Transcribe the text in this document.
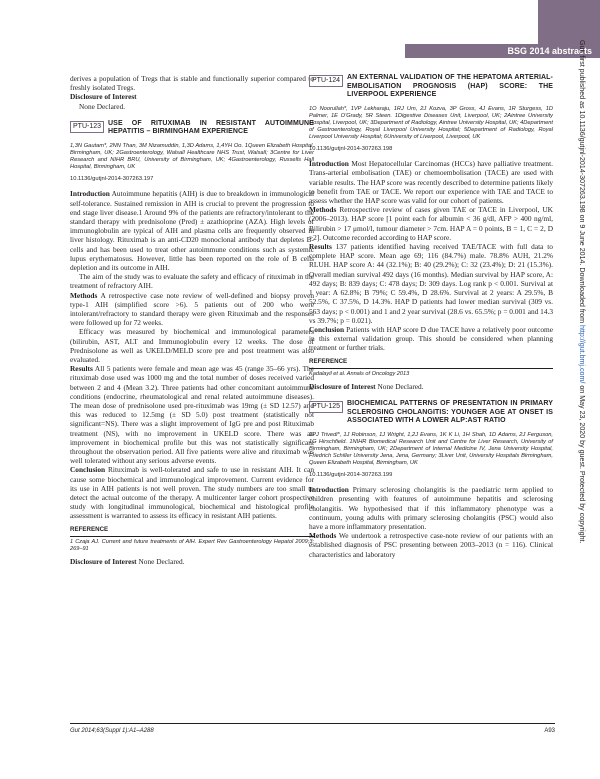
BSG 2014 abstracts

derives a population of Tregs that is stable and functionally superior compared to freshly isolated Tregs.

Disclosure of Interest

None Declared.

PTU-123	USE OF RITUXIMAB IN RESISTANT AUTOIMMUNE HEPATITIS – BIRMINGHAM EXPERIENCE

1,3N Gautam*, 2NN Than, 3M Nizamuddin, 1,3D Adams, 1,4YH Oo. 1Queen Elizabeth Hospital, Birmingham, UK; 2Gastroenterology, Walsall Healthcare NHS Trust, Walsall; 3Centre for Liver Research and NIHR BRU, University of Birmingham, UK; 4Gastroenterology, Russells Hall Hospital, Birmingham, UK

10.1136/gutjnl-2014-307263.197

Introduction Autoimmune hepatitis (AIH) is due to breakdown in immunological self-tolerance. Sustained remission in AIH is crucial to prevent the progression to end stage liver disease.1 Around 9% of the patients are refractory/intolerant to the standard therapy with prednisolone (Pred) ± azathioprine (AZA). High levels of immunoglobulin are typical of AIH and plasma cells are frequently observed in liver histology. Rituximab is an anti-CD20 monoclonal antibody that depletes B-cells and has been used to treat other autoimmune conditions such as systemic lupus erythematosus. However, little has been reported on the role of B cells depletion and its outcome in AIH.

The aim of the study was to evaluate the safety and efficacy of rituximab in the treatment of refractory AIH.

Methods A retrospective case note review of well-defined and biopsy proven type-1 AIH (simplified score >6). 5 patients out of 200 who were intolerant/refractory to standard therapy were given Rituximab and the responses were followed up for 72 weeks.

Efficacy was measured by biochemical and immunological parameters (bilirubin, AST, ALT and Immunoglobulin every 12 weeks. The dose of Prednisolone as well as UKELD/MELD score pre and post treatment was also evaluated.

Results All 5 patients were female and mean age was 45 (range 35–66 yrs). The rituximab dose used was 1000 mg and the total number of doses received varied between 2 and 4 (Mean 3.2). Three patients had other concomitant autoimmune conditions (endocrine, rheumatological and renal related autoimmune diseases). The mean dose of prednisolone used pre-rituximab was 19mg (± SD 12.57) and this was reduced to 12.5mg (± SD 5.0) post treatment (statistically not significant=NS). There was a slight improvement of IgG pre and post Rituximab treatment (NS), with no improvement in UKELD score. There was an improvement in biochemical profile but this was not statistically significant throughout the observation period. All five patients were alive and rituximab was well tolerated without any serious adverse events.

Conclusion Rituximab is well-tolerated and safe to use in resistant AIH. It can cause some biochemical and immunological improvement. Current evidence for its use in AIH patients is not well proven. The study numbers are too small to detect the actual outcome of the therapy. A multicenter larger cohort prospective study with longitudinal immunological, biochemical and histological profile assessment is warranted to assess its efficacy in resistant AIH patients.

REFERENCE

1 Czaja AJ. Current and future treatments of AIH. Expert Rev Gastroenterology Hepatol 2009;3: 269–91

Disclosure of Interest None Declared.

PTU-124	AN EXTERNAL VALIDATION OF THE HEPATOMA ARTERIAL-EMBOLISATION PROGNOSIS (HAP) SCORE: THE LIVERPOOL EXPERIENCE

1O Noorullah*, 1VP Lekharaju, 1RJ Um, 2J Kozva, 3P Gross, 4J Evans, 1R Sturgess, 1D Palmer, 1E O'Grady, 5R Steen. 1Digestive Diseases Unit, Liverpool, UK; 2Aintree University Hospital, Liverpool, UK; 3Department of Radiology, Aintree University Hospital, UK; 4Department of Gastroenterology, Royal Liverpool University Hospital; 5Department of Radiology, Royal Liverpool University Hospital; 6University of Liverpool, Liverpool, UK

10.1136/gutjnl-2014-307263.198

Introduction Most Hepatocellular Carcinomas (HCCs) have palliative treatment. Trans-arterial embolisation (TAE) or chemoembolisation (TACE) are used with variable results. The HAP score was recently described to determine patients likely to benefit from TAE or TACE. We report our experience with TAE and TACE to assess whether the HAP score was valid for our cohort of patients.

Methods Retrospective review of cases given TAE or TACE in Liverpool, UK (2006–2013). HAP score [1 point each for albumin < 36 g/dl, AFP > 400 ng/ml, Bilirubin > 17 μmol/l, tumour diameter > 7cm. HAP A = 0 points, B = 1, C = 2, D >2]. Outcome recorded according to HAP score.

Results 137 patients identified having received TAE/TACE with full data to complete HAP score. Mean age 69; 116 (84.7%) male. 78.8% AUH, 21.2% RLUH. HAP score A: 44 (32.1%); B: 40 (29.2%); C: 32 (23.4%); D: 21 (15.3%). Overall median survival 492 days (16 months). Median survival by HAP score, A: 492 days; B: 839 days; C: 478 days; D: 309 days. Log rank p < 0.001. Survival at 1 year: A 62.8%; B 79%; C 59.4%, D 28.6%. Survival at 2 years: A 29.5%, B 52.5%, C 37.5%, D 14.3%. HAP D patients had lower median survival (309 vs. 563 days; p < 0.001) and 1 and 2 year survival (28.6 vs. 65.5%; p = 0.001 and 14.3 vs 39.7%; p = 0.021).

Conclusion Patients with HAP score D due TACE have a relatively poor outcome in this external validation group. This should be considered when planning treatment or further trials.

REFERENCE

Kadalayil et al. Annals of Oncology 2013

Disclosure of Interest None Declared.

PTU-125	BIOCHEMICAL PATTERNS OF PRESENTATION IN PRIMARY SCLEROSING CHOLANGITIS: YOUNGER AGE AT ONSET IS ASSOCIATED WITH A LOWER ALP:AST RATIO

1PJ Trivedi*, 1J Robinson, 1J Wright, 1,2J Evans, 1K K Li, 1H Shah, 1D Adams, 2J Ferguson, 1G Hirschfield. 1NIHR Biomedical Research Unit and Centre for Liver Research, University of Birmingham, Birmingham, UK; 2Department of Internal Medicine IV, Jena University Hospital, Friedrich Schiller University Jena, Jena, Germany; 3Liver Unit, University Hospitals Birmingham, Queen Elizabeth Hospital, Birmingham, UK

10.1136/gutjnl-2014-307263.199

Introduction Primary sclerosing cholangitis is the paediatric term applied to children presenting with features of autoimmune hepatitis and sclerosing cholangitis. We hypothesised that if this inflammatory phenotype was a continuum, young adults with primary sclerosing cholangitis (PSC) would also have a more inflammatory presentation.

Methods We undertook a retrospective case-note review of our patients with an established diagnosis of PSC presenting between 2003–2013 (n = 116). Clinical characteristics and laboratory

Gut: first published as 10.1136/gutjnl-2014-307263.198 on 9 June 2014. Downloaded from http://gut.bmj.com/ on May 23, 2020 by guest. Protected by copyright.
Gut 2014;63(Suppl 1):A1–A288	A93
